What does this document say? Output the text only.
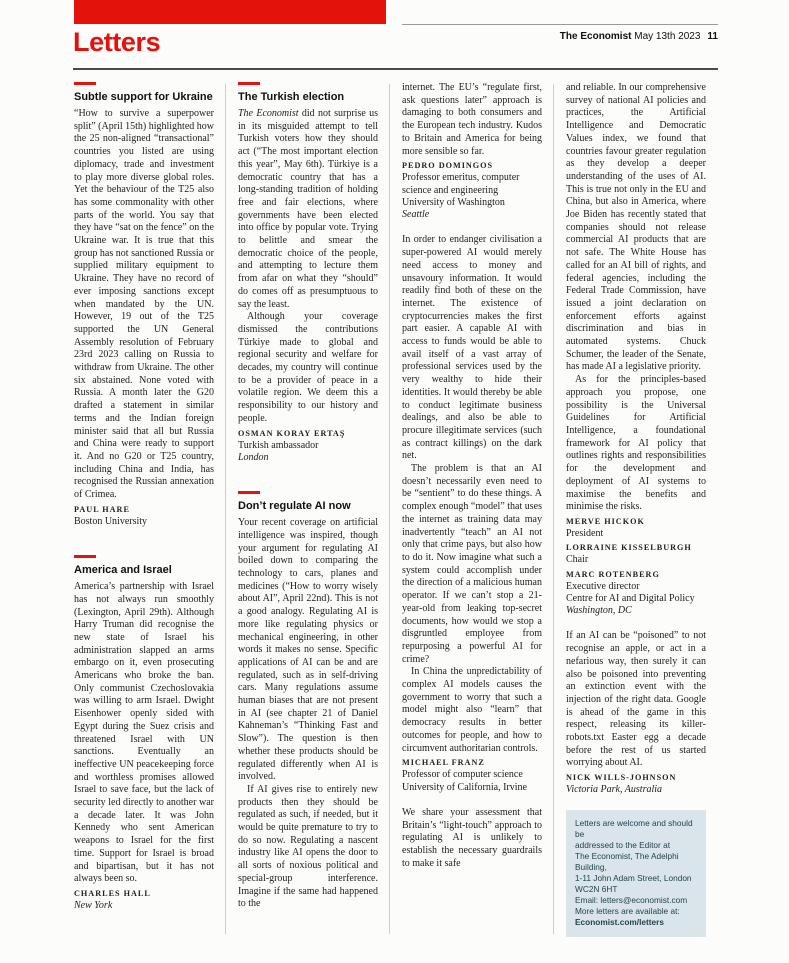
Letters	The Economist May 13th 2023 11
Subtle support for Ukraine

“How to survive a superpower split” (April 15th) highlighted how the 25 non-aligned “transactional” countries you listed are using diplomacy, trade and investment to play more diverse global roles. Yet the behaviour of the T25 also has some commonality with other parts of the world. You say that they have “sat on the fence” on the Ukraine war. It is true that this group has not sanctioned Russia or supplied military equipment to Ukraine. They have no record of ever imposing sanctions except when mandated by the UN. However, 19 out of the T25 supported the UN General Assembly resolution of February 23rd 2023 calling on Russia to withdraw from Ukraine. The other six abstained. None voted with Russia. A month later the G20 drafted a statement in similar terms and the Indian foreign minister said that all but Russia and China were ready to support it. And no G20 or T25 country, including China and India, has recognised the Russian annexation of Crimea.

PAUL HARE
Boston University
America and Israel

America’s partnership with Israel has not always run smoothly (Lexington, April 29th). Although Harry Truman did recognise the new state of Israel his administration slapped an arms embargo on it, even prosecuting Americans who broke the ban. Only communist Czechoslovakia was willing to arm Israel. Dwight Eisenhower openly sided with Egypt during the Suez crisis and threatened Israel with UN sanctions. Eventually an ineffective UN peacekeeping force and worthless promises allowed Israel to save face, but the lack of security led directly to another war a decade later. It was John Kennedy who sent American weapons to Israel for the first time. Support for Israel is broad and bipartisan, but it has not always been so.

CHARLES HALL
New York
The Turkish election

The Economist did not surprise us in its misguided attempt to tell Turkish voters how they should act (“The most important election this year”, May 6th). Türkiye is a democratic country that has a long-standing tradition of holding free and fair elections, where governments have been elected into office by popular vote. Trying to belittle and smear the democratic choice of the people, and attempting to lecture them from afar on what they “should” do comes off as presumptuous to say the least.

Although your coverage dismissed the contributions Türkiye made to global and regional security and welfare for decades, my country will continue to be a provider of peace in a volatile region. We deem this a responsibility to our history and people.

OSMAN KORAY ERTAŞ
Turkish ambassador
London
Don’t regulate AI now

Your recent coverage on artificial intelligence was inspired, though your argument for regulating AI boiled down to comparing the technology to cars, planes and medicines (“How to worry wisely about AI”, April 22nd). This is not a good analogy. Regulating AI is more like regulating physics or mechanical engineering, in other words it makes no sense. Specific applications of AI can be and are regulated, such as in self-driving cars. Many regulations assume human biases that are not present in AI (see chapter 21 of Daniel Kahneman’s “Thinking Fast and Slow”). The question is then whether these products should be regulated differently when AI is involved.

If AI gives rise to entirely new products then they should be regulated as such, if needed, but it would be quite premature to try to do so now. Regulating a nascent industry like AI opens the door to all sorts of noxious political and special-group interference. Imagine if the same had happened to the

internet. The EU’s “regulate first, ask questions later” approach is damaging to both consumers and the European tech industry. Kudos to Britain and America for being more sensible so far.

PEDRO DOMINGOS
Professor emeritus, computer science and engineering
University of Washington
Seattle

In order to endanger civilisation a super-powered AI would merely need access to money and unsavoury information. It would readily find both of these on the internet. The existence of cryptocurrencies makes the first part easier. A capable AI with access to funds would be able to avail itself of a vast array of professional services used by the very wealthy to hide their identities. It would thereby be able to conduct legitimate business dealings, and also be able to procure illegitimate services (such as contract killings) on the dark net.

The problem is that an AI doesn’t necessarily even need to be “sentient” to do these things. A complex enough “model” that uses the internet as training data may inadvertently “teach” an AI not only that crime pays, but also how to do it. Now imagine what such a system could accomplish under the direction of a malicious human operator. If we can’t stop a 21-year-old from leaking top-secret documents, how would we stop a disgruntled employee from repurposing a powerful AI for crime?

In China the unpredictability of complex AI models causes the government to worry that such a model might also “learn” that democracy results in better outcomes for people, and how to circumvent authoritarian controls.

MICHAEL FRANZ
Professor of computer science
University of California, Irvine

We share your assessment that Britain’s “light-touch” approach to regulating AI is unlikely to establish the necessary guardrails to make it safe

and reliable. In our comprehensive survey of national AI policies and practices, the Artificial Intelligence and Democratic Values index, we found that countries favour greater regulation as they develop a deeper understanding of the uses of AI. This is true not only in the EU and China, but also in America, where Joe Biden has recently stated that companies should not release commercial AI products that are not safe. The White House has called for an AI bill of rights, and federal agencies, including the Federal Trade Commission, have issued a joint declaration on enforcement efforts against discrimination and bias in automated systems. Chuck Schumer, the leader of the Senate, has made AI a legislative priority.

As for the principles-based approach you propose, one possibility is the Universal Guidelines for Artificial Intelligence, a foundational framework for AI policy that outlines rights and responsibilities for the development and deployment of AI systems to maximise the benefits and minimise the risks.

MERVE HICKOK
President
LORRAINE KISSELBURGH
Chair
MARC ROTENBERG
Executive director
Centre for AI and Digital Policy
Washington, DC

If an AI can be “poisoned” to not recognise an apple, or act in a nefarious way, then surely it can also be poisoned into preventing an extinction event with the injection of the right data. Google is ahead of the game in this respect, releasing its killer-robots.txt Easter egg a decade before the rest of us started worrying about AI.

NICK WILLS-JOHNSON
Victoria Park, Australia
Letters are welcome and should be
addressed to the Editor at
The Economist, The Adelphi Building,
1-11 John Adam Street, London WC2N 6HT
Email: letters@economist.com
More letters are available at:
Economist.com/letters
